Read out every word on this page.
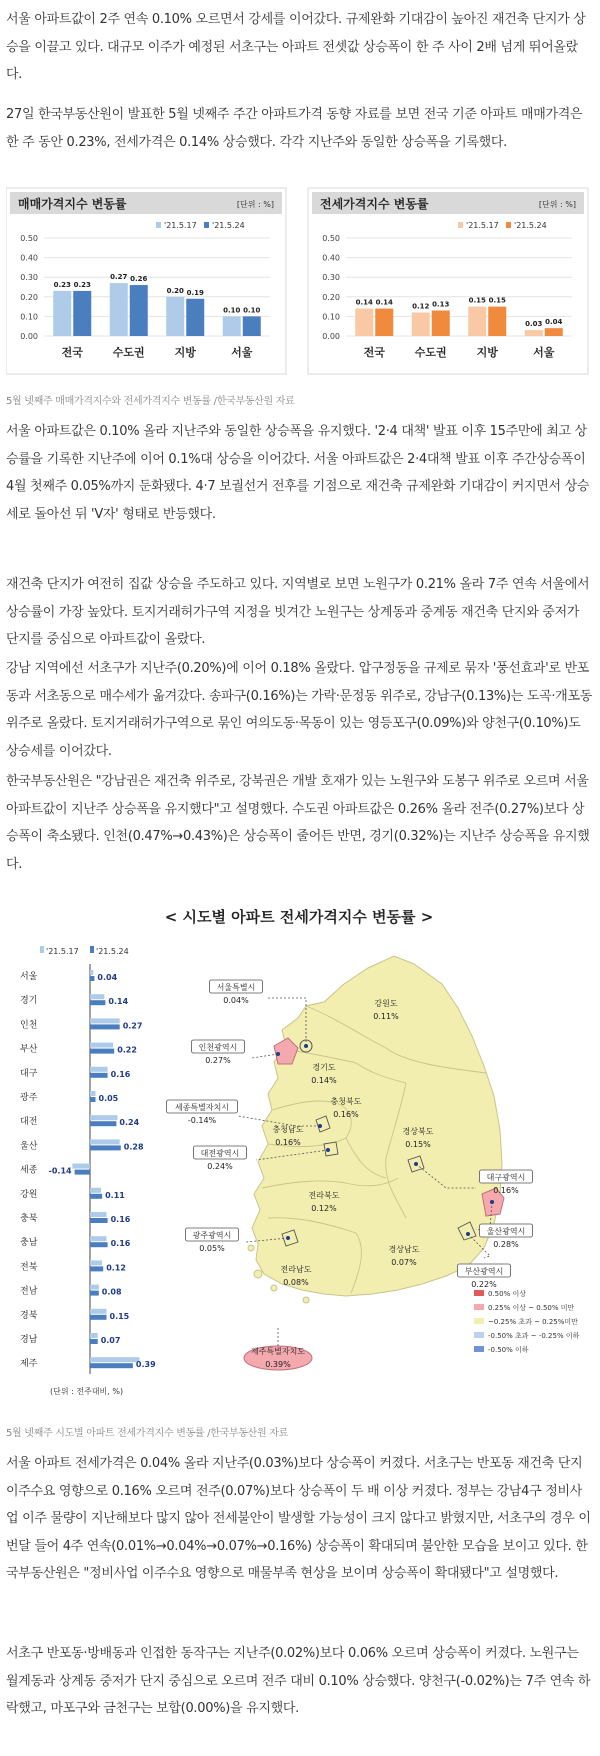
서울 아파트값이 2주 연속 0.10% 오르면서 강세를 이어갔다. 규제완화 기대감이 높아진 재건축 단지가 상승을 이끌고 있다. 대규모 이주가 예정된 서초구는 아파트 전셋값 상승폭이 한 주 사이 2배 넘게 뛰어올랐다.

27일 한국부동산원이 발표한 5월 넷째주 주간 아파트가격 동향 자료를 보면 전국 기준 아파트 매매가격은 한 주 동안 0.23%, 전세가격은 0.14% 상승했다. 각각 지난주와 동일한 상승폭을 기록했다.

매매가격지수 변동률	[단위 : %]
'21.5.17 '21.5.24
0.50
0.40
0.30
0.20
0.10
0.00
0.23 0.23
전국
0.27 0.26
수도권
0.20 0.19
지방
0.10 0.10
서울
전세가격지수 변동률	[단위 : %]
'21.5.17 '21.5.24
0.50
0.40
0.30
0.20
0.10
0.00
0.14 0.14
전국
0.12 0.13
수도권
0.15 0.15
지방
0.03 0.04
서울
5월 넷째주 매매가격지수와 전세가격지수 변동률 /한국부동산원 자료

서울 아파트값은 0.10% 올라 지난주와 동일한 상승폭을 유지했다. '2·4 대책' 발표 이후 15주만에 최고 상승률을 기록한 지난주에 이어 0.1%대 상승을 이어갔다. 서울 아파트값은 2·4대책 발표 이후 주간상승폭이 4월 첫째주 0.05%까지 둔화됐다. 4·7 보궐선거 전후를 기점으로 재건축 규제완화 기대감이 커지면서 상승세로 돌아선 뒤 'V자' 형태로 반등했다.

재건축 단지가 여전히 집값 상승을 주도하고 있다. 지역별로 보면 노원구가 0.21% 올라 7주 연속 서울에서 상승률이 가장 높았다. 토지거래허가구역 지정을 빗겨간 노원구는 상계동과 중계동 재건축 단지와 중저가 단지를 중심으로 아파트값이 올랐다.

강남 지역에선 서초구가 지난주(0.20%)에 이어 0.18% 올랐다. 압구정동을 규제로 묶자 '풍선효과'로 반포동과 서초동으로 매수세가 옮겨갔다. 송파구(0.16%)는 가락·문정동 위주로, 강남구(0.13%)는 도곡·개포동 위주로 올랐다. 토지거래허가구역으로 묶인 여의도동·목동이 있는 영등포구(0.09%)와 양천구(0.10%)도 상승세를 이어갔다.

한국부동산원은 "강남권은 재건축 위주로, 강북권은 개발 호재가 있는 노원구와 도봉구 위주로 오르며 서울 아파트값이 지난주 상승폭을 유지했다"고 설명했다. 수도권 아파트값은 0.26% 올라 전주(0.27%)보다 상승폭이 축소됐다. 인천(0.47%→0.43%)은 상승폭이 줄어든 반면, 경기(0.32%)는 지난주 상승폭을 유지했다.

< 시도별 아파트 전세가격지수 변동률 >
'21.5.17 '21.5.24
서울	0.04
경기	0.14
인천	0.27
부산	0.22
대구	0.16
광주	0.05
대전	0.24
울산	0.28
세종 -0.14
강원	0.11
충북	0.16
충남	0.16
전북	0.12
전남	0.08
경북	0.15
경남	0.07
제주	0.39
(단위 : 전주대비, %)
서울특별시
0.04%
인천광역시
0.27%
강원도
0.11%
경기도
0.14%
충청북도
0.16%
세종특별자치시
-0.14%
충청남도
0.16%
경상북도
0.15%
대전광역시
0.24%
대구광역시
0.16%
전라북도
0.12%
울산광역시
0.28%
경상남도
0.07%
광주광역시
0.05%
부산광역시
0.22%
전라남도
0.08%
제주특별자치도
0.39%
0.50% 이상
0.25% 이상 ~ 0.50% 미만
~0.25% 초과 ~ 0.25%미만
-0.50% 초과 ~ -0.25% 이하
-0.50% 이하
5월 넷째주 시도별 아파트 전세가격지수 변동률 /한국부동산원 자료

서울 아파트 전세가격은 0.04% 올라 지난주(0.03%)보다 상승폭이 커졌다. 서초구는 반포동 재건축 단지 이주수요 영향으로 0.16% 오르며 전주(0.07%)보다 상승폭이 두 배 이상 커졌다. 정부는 강남4구 정비사업 이주 물량이 지난해보다 많지 않아 전세불안이 발생할 가능성이 크지 않다고 밝혔지만, 서초구의 경우 이번달 들어 4주 연속(0.01%→0.04%→0.07%→0.16%) 상승폭이 확대되며 불안한 모습을 보이고 있다. 한국부동산원은 "정비사업 이주수요 영향으로 매물부족 현상을 보이며 상승폭이 확대됐다"고 설명했다.

서초구 반포동·방배동과 인접한 동작구는 지난주(0.02%)보다 0.06% 오르며 상승폭이 커졌다. 노원구는 월계동과 상계동 중저가 단지 중심으로 오르며 전주 대비 0.10% 상승했다. 양천구(-0.02%)는 7주 연속 하락했고, 마포구와 금천구는 보합(0.00%)을 유지했다.
